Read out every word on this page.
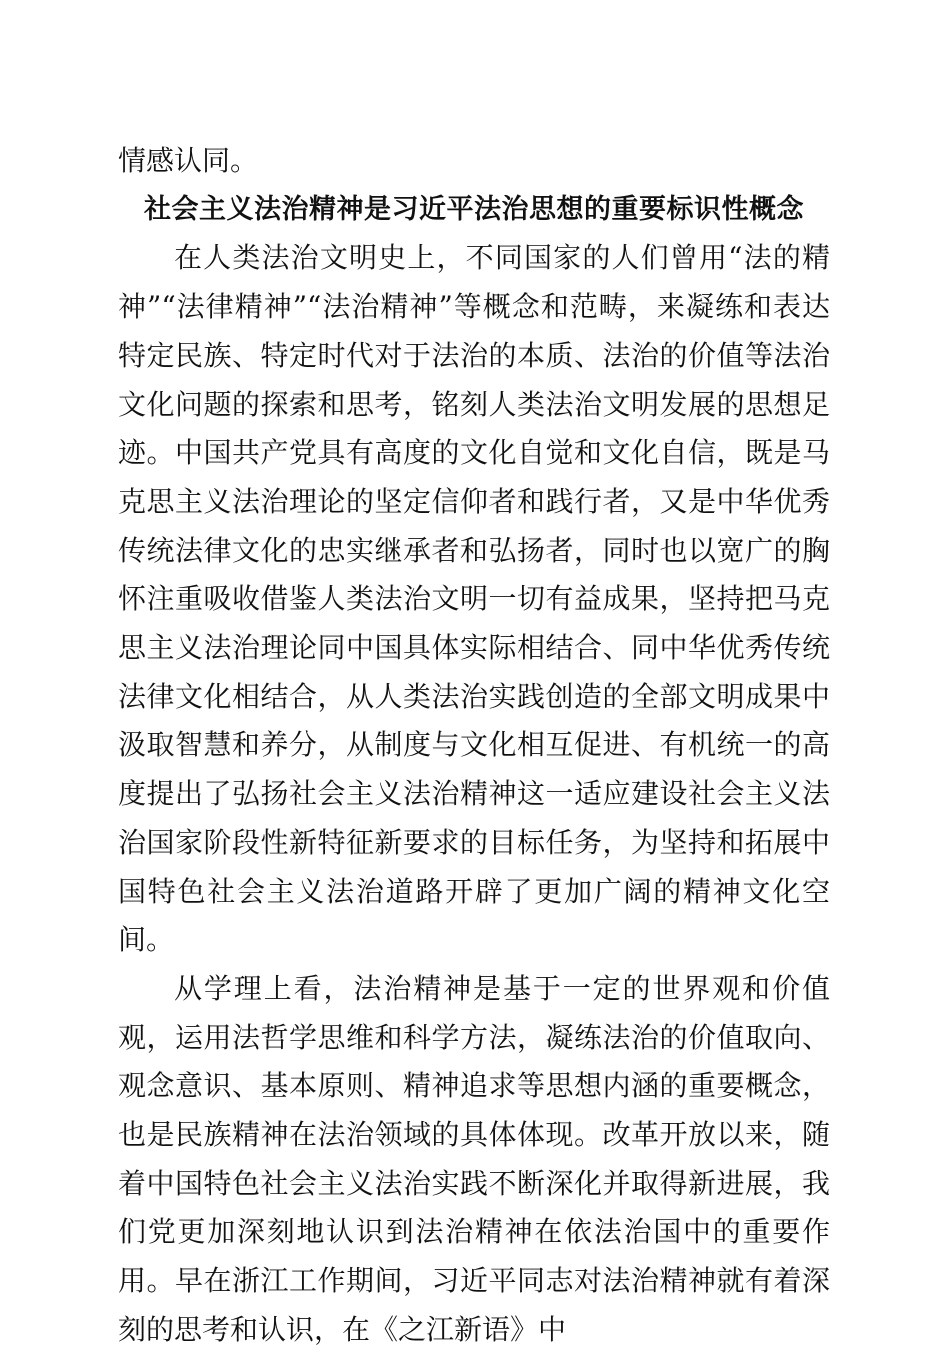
情感认同。

社会主义法治精神是习近平法治思想的重要标识性概念

在人类法治文明史上，不同国家的人们曾用“法的精神”“法律精神”“法治精神”等概念和范畴，来凝练和表达特定民族、特定时代对于法治的本质、法治的价值等法治文化问题的探索和思考，铭刻人类法治文明发展的思想足迹。中国共产党具有高度的文化自觉和文化自信，既是马克思主义法治理论的坚定信仰者和践行者，又是中华优秀传统法律文化的忠实继承者和弘扬者，同时也以宽广的胸怀注重吸收借鉴人类法治文明一切有益成果，坚持把马克思主义法治理论同中国具体实际相结合、同中华优秀传统法律文化相结合，从人类法治实践创造的全部文明成果中汲取智慧和养分，从制度与文化相互促进、有机统一的高度提出了弘扬社会主义法治精神这一适应建设社会主义法治国家阶段性新特征新要求的目标任务，为坚持和拓展中国特色社会主义法治道路开辟了更加广阔的精神文化空间。

从学理上看，法治精神是基于一定的世界观和价值观，运用法哲学思维和科学方法，凝练法治的价值取向、观念意识、基本原则、精神追求等思想内涵的重要概念，也是民族精神在法治领域的具体体现。改革开放以来，随着中国特色社会主义法治实践不断深化并取得新进展，我们党更加深刻地认识到法治精神在依法治国中的重要作用。早在浙江工作期间，习近平同志对法治精神就有着深刻的思考和认识，在《之江新语》中
